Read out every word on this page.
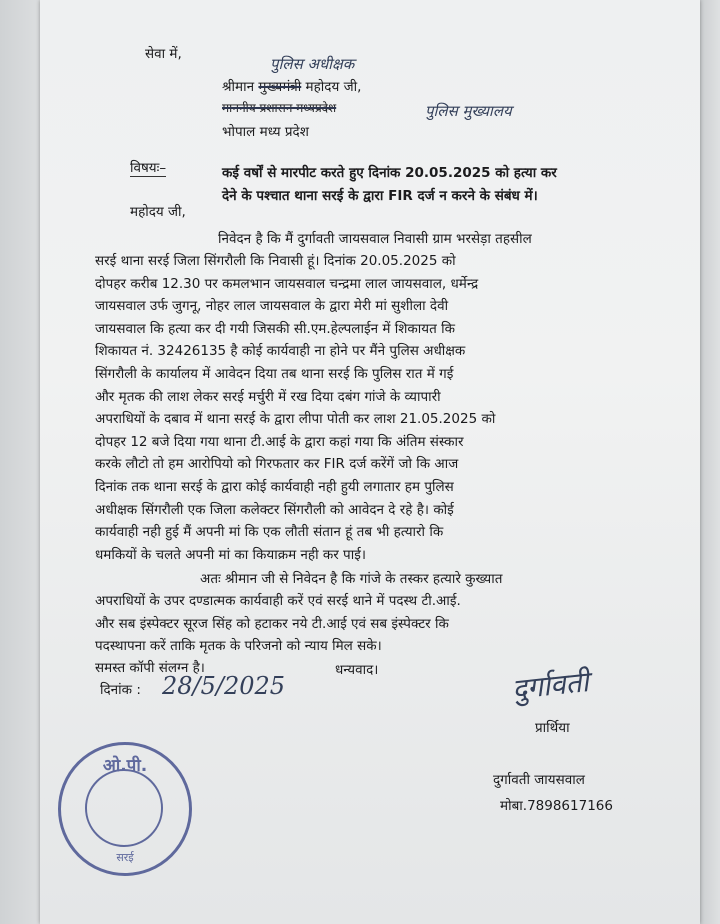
सेवा में,
पुलिस अधीक्षक
श्रीमान मुख्यमंत्री महोदय जी,
माननीय प्रशासन मध्यप्रदेश	पुलिस मुख्यालय
भोपाल मध्य प्रदेश
विषयः–	कई वर्षों से मारपीट करते हुए दिनांक 20.05.2025 को हत्या कर
देने के पश्चात थाना सरई के द्वारा FIR दर्ज न करने के संबंध में।
महोदय जी,
निवेदन है कि मैं दुर्गावती जायसवाल निवासी ग्राम भरसेड़ा तहसील
सरई थाना सरई जिला सिंगरौली कि निवासी हूं। दिनांक 20.05.2025 को
दोपहर करीब 12.30 पर कमलभान जायसवाल चन्द्रमा लाल जायसवाल, धर्मेन्द्र
जायसवाल उर्फ जुगनू, नोहर लाल जायसवाल के द्वारा मेरी मां सुशीला देवी
जायसवाल कि हत्या कर दी गयी जिसकी सी.एम.हेल्पलाईन में शिकायत कि
शिकायत नं. 32426135 है कोई कार्यवाही ना होने पर मैंने पुलिस अधीक्षक
सिंगरौली के कार्यालय में आवेदन दिया तब थाना सरई कि पुलिस रात में गई
और मृतक की लाश लेकर सरई मर्चुरी में रख दिया दबंग गांजे के व्यापारी
अपराधियों के दबाव में थाना सरई के द्वारा लीपा पोती कर लाश 21.05.2025 को
दोपहर 12 बजे दिया गया थाना टी.आई के द्वारा कहां गया कि अंतिम संस्कार
करके लौटो तो हम आरोपियो को गिरफतार कर FIR दर्ज करेंगें जो कि आज
दिनांक तक थाना सरई के द्वारा कोई कार्यवाही नही हुयी लगातार हम पुलिस
अधीक्षक सिंगरौली एक जिला कलेक्टर सिंगरौली को आवेदन दे रहे है। कोई
कार्यवाही नही हुई मैं अपनी मां कि एक लौती संतान हूं तब भी हत्यारो कि
धमकियों के चलते अपनी मां का कियाक्रम नही कर पाई।
अतः श्रीमान जी से निवेदन है कि गांजे के तस्कर हत्यारे कुख्यात
अपराधियों के उपर दण्डात्मक कार्यवाही करें एवं सरई थाने में पदस्थ टी.आई.
और सब इंस्पेक्टर सूरज सिंह को हटाकर नये टी.आई एवं सब इंस्पेक्टर कि
पदस्थापना करें ताकि मृतक के परिजनो को न्याय मिल सके।
समस्त कॉपी संलग्न है।	धन्यवाद।
दिनांक : 28/5/2025	दुर्गावती
प्रार्थिया
दुर्गावती जायसवाल
मोबा.7898617166
ओ.पी.
सरई
